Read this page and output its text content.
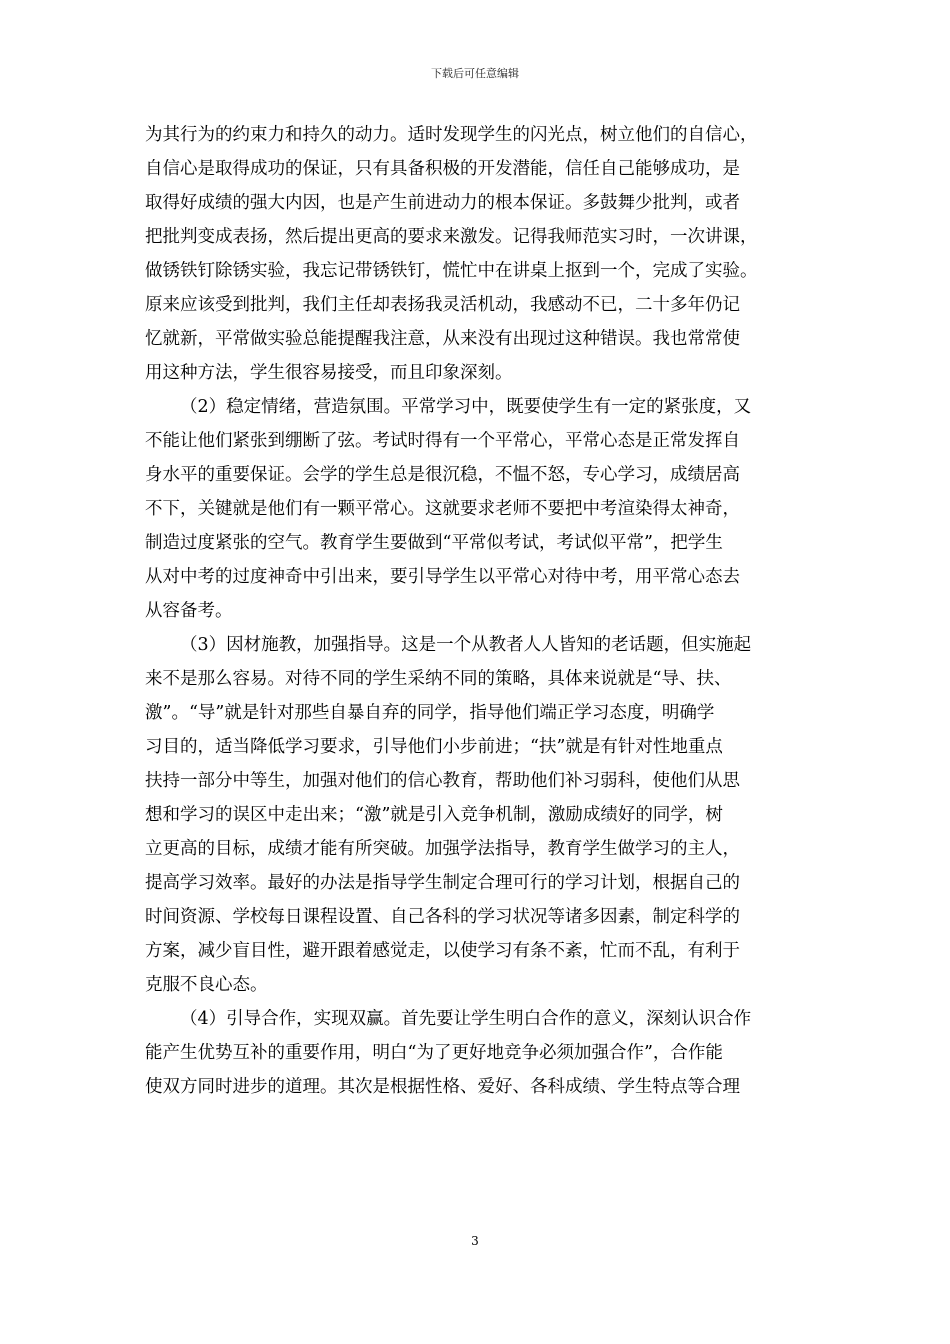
下载后可任意编辑

为其行为的约束力和持久的动力。适时发现学生的闪光点，树立他们的自信心，
自信心是取得成功的保证，只有具备积极的开发潜能，信任自己能够成功，是
取得好成绩的强大内因，也是产生前进动力的根本保证。多鼓舞少批判，或者
把批判变成表扬，然后提出更高的要求来激发。记得我师范实习时，一次讲课，
做锈铁钉除锈实验，我忘记带锈铁钉，慌忙中在讲桌上抠到一个，完成了实验。
原来应该受到批判，我们主任却表扬我灵活机动，我感动不已，二十多年仍记
忆就新，平常做实验总能提醒我注意，从来没有出现过这种错误。我也常常使
用这种方法，学生很容易接受，而且印象深刻。

（2）稳定情绪，营造氛围。平常学习中，既要使学生有一定的紧张度，又
不能让他们紧张到绷断了弦。考试时得有一个平常心，平常心态是正常发挥自
身水平的重要保证。会学的学生总是很沉稳，不愠不怒，专心学习，成绩居高
不下，关键就是他们有一颗平常心。这就要求老师不要把中考渲染得太神奇，
制造过度紧张的空气。教育学生要做到“平常似考试，考试似平常”，把学生
从对中考的过度神奇中引出来，要引导学生以平常心对待中考，用平常心态去
从容备考。

（3）因材施教，加强指导。这是一个从教者人人皆知的老话题，但实施起
来不是那么容易。对待不同的学生采纳不同的策略，具体来说就是“导、扶、
激”。“导”就是针对那些自暴自弃的同学，指导他们端正学习态度，明确学
习目的，适当降低学习要求，引导他们小步前进；“扶”就是有针对性地重点
扶持一部分中等生，加强对他们的信心教育，帮助他们补习弱科，使他们从思
想和学习的误区中走出来；“激”就是引入竞争机制，激励成绩好的同学，树
立更高的目标，成绩才能有所突破。加强学法指导，教育学生做学习的主人，
提高学习效率。最好的办法是指导学生制定合理可行的学习计划，根据自己的
时间资源、学校每日课程设置、自己各科的学习状况等诸多因素，制定科学的
方案，减少盲目性，避开跟着感觉走，以使学习有条不紊，忙而不乱，有利于
克服不良心态。

（4）引导合作，实现双赢。首先要让学生明白合作的意义，深刻认识合作
能产生优势互补的重要作用，明白“为了更好地竞争必须加强合作”，合作能
使双方同时进步的道理。其次是根据性格、爱好、各科成绩、学生特点等合理

3
